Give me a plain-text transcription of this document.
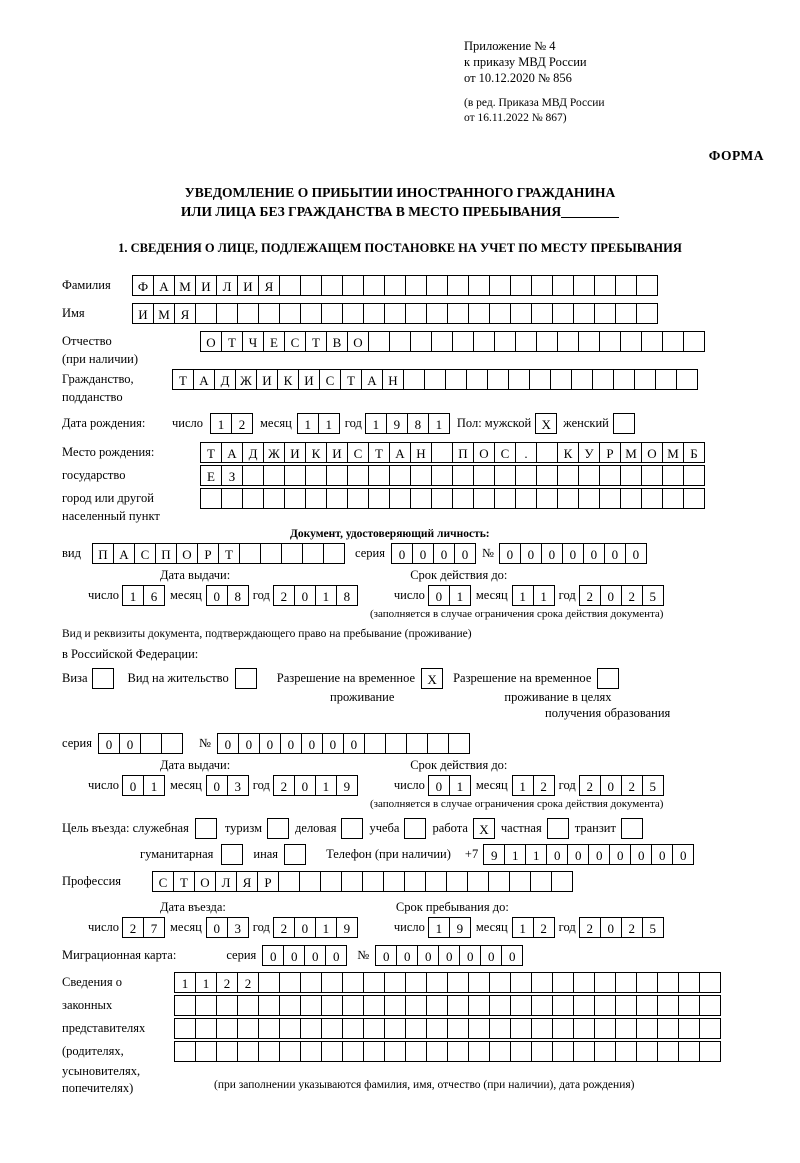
Приложение № 4
к приказу МВД России
от 10.12.2020 № 856
(в ред. Приказа МВД России
от 16.11.2022 № 867)
ФОРМА
УВЕДОМЛЕНИЕ О ПРИБЫТИИ ИНОСТРАННОГО ГРАЖДАНИНА
ИЛИ ЛИЦА БЕЗ ГРАЖДАНСТВА В МЕСТО ПРЕБЫВАНИЯ
1. СВЕДЕНИЯ О ЛИЦЕ, ПОДЛЕЖАЩЕМ ПОСТАНОВКЕ НА УЧЕТ ПО МЕСТУ ПРЕБЫВАНИЯ
Фамилия	Ф А М И Л И Я
Имя	И М Я
Отчество	О Т Ч Е С Т В О
(при наличии)
Гражданство,	Т А Д Ж И К И С Т А Н
подданство
Дата рождения:	число	1	2	месяц 1	1	год 1	9	8	1	Пол: мужской X женский
Место рождения:	Т А Д Ж И К И С Т А Н	П О С	.	К У Р М О М Б
государство	Е	З
город или другой
населенный пункт
Документ, удостоверяющий личность:
вид	П А С П О Р	Т	серия	0	0	0	0	№ 0	0	0	0	0	0	0
Дата выдачи:	Срок действия до:
число 1	6	месяц 0	8 год 2	0	1	8	число 0	1	месяц 1	1 год 2	0	2	5
(заполняется в случае ограничения срока действия документа)
Вид и реквизиты документа, подтверждающего право на пребывание (проживание)
в Российской Федерации:
Виза	Вид на жительство	Разрешение на временное X	Разрешение на временное
проживание	проживание в целях
получения образования
серия	0	0	№	0	0	0	0	0	0	0
Дата выдачи:	Срок действия до:
число 0	1	месяц 0	3 год 2	0	1	9	число 0	1	месяц 1	2 год 2	0	2	5
(заполняется в случае ограничения срока действия документа)
Цель въезда: служебная	туризм	деловая	учеба	работа X частная	транзит
гуманитарная	иная	Телефон (при наличии) +7 9	1	1	0	0	0	0	0	0	0
Профессия	С Т О Л Я	Р
Дата въезда:	Срок пребывания до:
число 2	7	месяц 0	3 год 2	0	1	9	число 1	9	месяц 1	2 год 2	0	2	5
Миграционная карта:	серия	0	0	0	0	№	0	0	0	0	0	0	0
Сведения о	1	1	2	2
законных
представителях
(родителях,
усыновителях,
попечителях)	(при заполнении указываются фамилия, имя, отчество (при наличии), дата рождения)
